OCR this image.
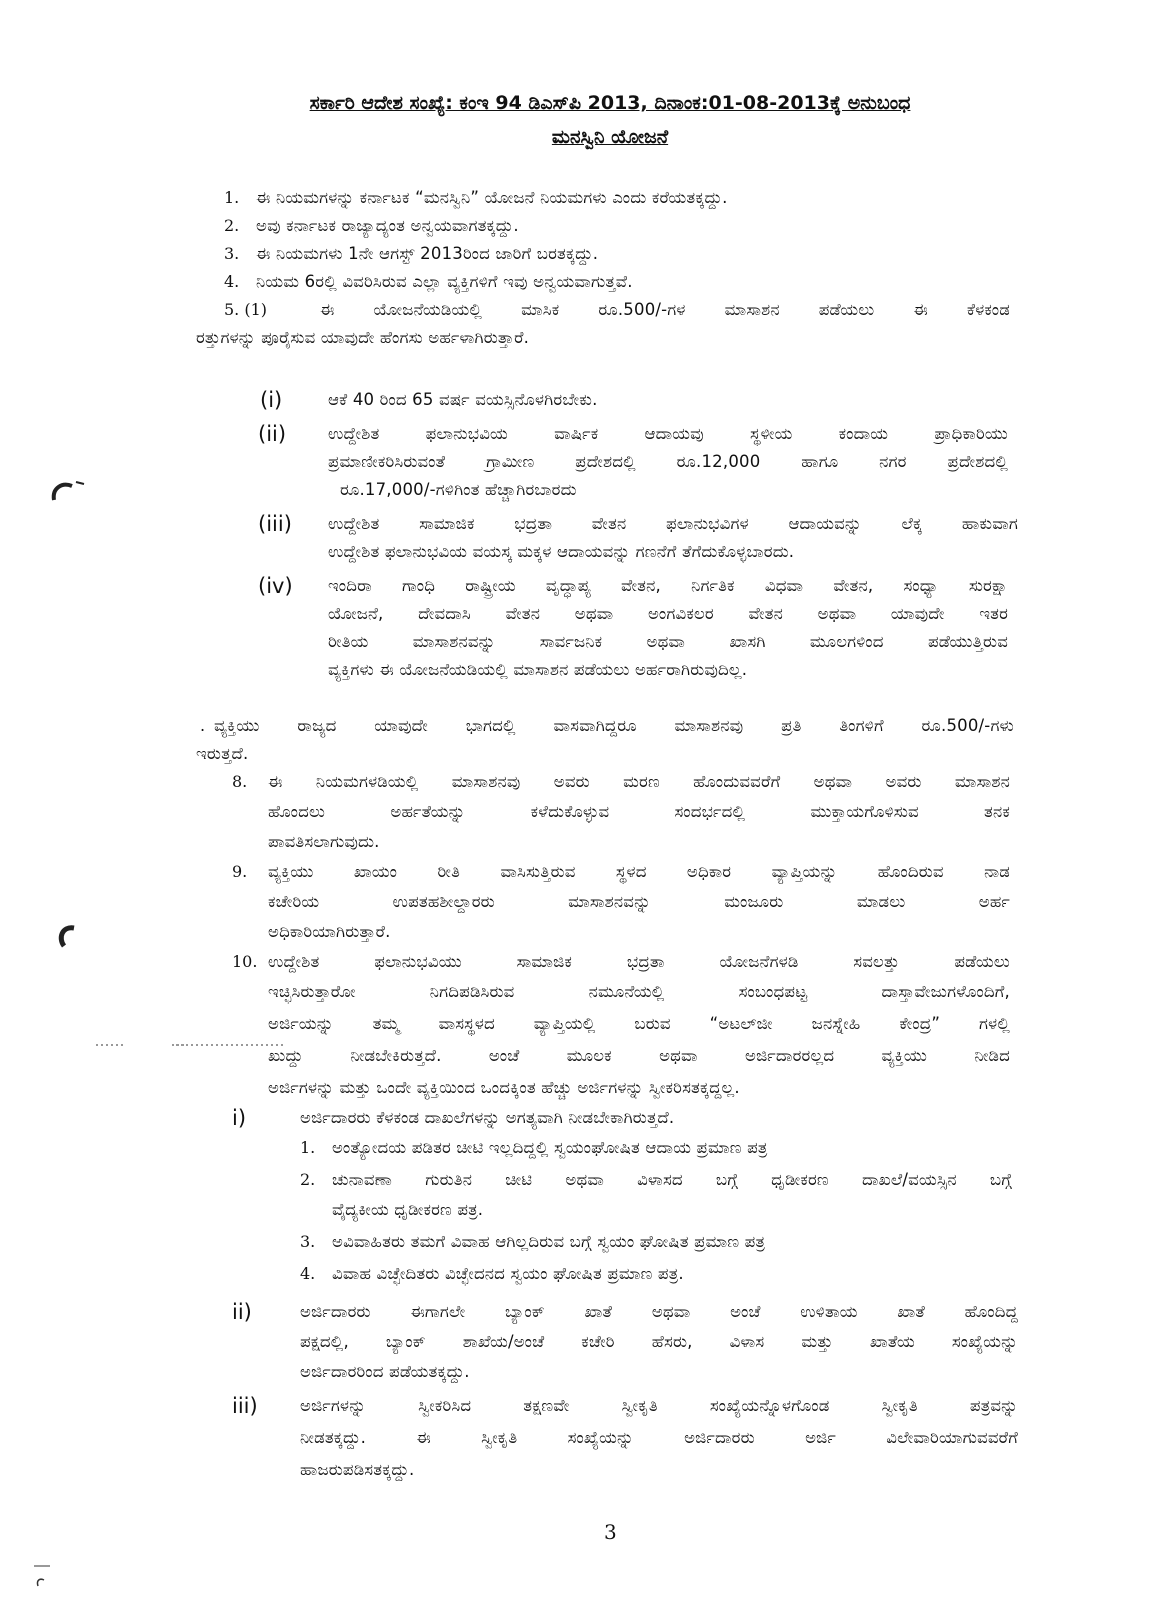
ಸರ್ಕಾರಿ ಆದೇಶ ಸಂಖ್ಯೆ: ಕಂಇ 94 ಡಿಎಸ್‌ಪಿ 2013, ದಿನಾಂಕ:01-08-2013ಕ್ಕೆ ಅನುಬಂಧ
ಮನಸ್ವಿನಿ ಯೋಜನೆ
1. ಈ ನಿಯಮಗಳನ್ನು ಕರ್ನಾಟಕ “ಮನಸ್ವಿನಿ” ಯೋಜನೆ ನಿಯಮಗಳು ಎಂದು ಕರೆಯತಕ್ಕದ್ದು.
2. ಅವು ಕರ್ನಾಟಕ ರಾಜ್ಯಾದ್ಯಂತ ಅನ್ವಯವಾಗತಕ್ಕದ್ದು.
3. ಈ ನಿಯಮಗಳು 1ನೇ ಆಗಸ್ಟ್ 2013ರಿಂದ ಜಾರಿಗೆ ಬರತಕ್ಕದ್ದು.
4. ನಿಯಮ 6ರಲ್ಲಿ ವಿವರಿಸಿರುವ ಎಲ್ಲಾ ವ್ಯಕ್ತಿಗಳಿಗೆ ಇವು ಅನ್ವಯವಾಗುತ್ತವೆ.
5. (1)	ಈ ಯೋಜನೆಯಡಿಯಲ್ಲಿ ಮಾಸಿಕ ರೂ.500/-ಗಳ ಮಾಸಾಶನ ಪಡೆಯಲು ಈ ಕೆಳಕಂಡ
ರತ್ತುಗಳನ್ನು ಪೂರೈಸುವ ಯಾವುದೇ ಹೆಂಗಸು ಅರ್ಹಳಾಗಿರುತ್ತಾರೆ.
(i)	ಆಕೆ 40 ರಿಂದ 65 ವರ್ಷ ವಯಸ್ಸಿನೊಳಗಿರಬೇಕು.
(ii)	ಉದ್ದೇಶಿತ ಫಲಾನುಭವಿಯ ವಾರ್ಷಿಕ ಆದಾಯವು ಸ್ಥಳೀಯ ಕಂದಾಯ ಪ್ರಾಧಿಕಾರಿಯು
ಪ್ರಮಾಣೀಕರಿಸಿರುವಂತೆ ಗ್ರಾಮೀಣ ಪ್ರದೇಶದಲ್ಲಿ ರೂ.12,000 ಹಾಗೂ ನಗರ ಪ್ರದೇಶದಲ್ಲಿ
ರೂ.17,000/-ಗಳಿಗಿಂತ ಹೆಚ್ಚಾಗಿರಬಾರದು
(iii) ಉದ್ದೇಶಿತ ಸಾಮಾಜಿಕ ಭದ್ರತಾ ವೇತನ ಫಲಾನುಭವಿಗಳ ಆದಾಯವನ್ನು ಲೆಕ್ಕ ಹಾಕುವಾಗ
ಉದ್ದೇಶಿತ ಫಲಾನುಭವಿಯ ವಯಸ್ಕ ಮಕ್ಕಳ ಆದಾಯವನ್ನು ಗಣನೆಗೆ ತೆಗೆದುಕೊಳ್ಳಬಾರದು.
(iv) ಇಂದಿರಾ ಗಾಂಧಿ ರಾಷ್ಟ್ರೀಯ ವೃದ್ಧಾಪ್ಯ ವೇತನ, ನಿರ್ಗತಿಕ ವಿಧವಾ ವೇತನ, ಸಂಧ್ಯಾ ಸುರಕ್ಷಾ
ಯೋಜನೆ, ದೇವದಾಸಿ ವೇತನ ಅಥವಾ ಅಂಗವಿಕಲರ ವೇತನ ಅಥವಾ ಯಾವುದೇ ಇತರ
ರೀತಿಯ ಮಾಸಾಶನವನ್ನು ಸಾರ್ವಜನಿಕ ಅಥವಾ ಖಾಸಗಿ ಮೂಲಗಳಿಂದ ಪಡೆಯುತ್ತಿರುವ
ವ್ಯಕ್ತಿಗಳು ಈ ಯೋಜನೆಯಡಿಯಲ್ಲಿ ಮಾಸಾಶನ ಪಡೆಯಲು ಅರ್ಹರಾಗಿರುವುದಿಲ್ಲ.
. ವ್ಯಕ್ತಿಯು ರಾಜ್ಯದ ಯಾವುದೇ ಭಾಗದಲ್ಲಿ ವಾಸವಾಗಿದ್ದರೂ ಮಾಸಾಶನವು ಪ್ರತಿ ತಿಂಗಳಿಗೆ ರೂ.500/-ಗಳು
ಇರುತ್ತದೆ.
8. ಈ ನಿಯಮಗಳಡಿಯಲ್ಲಿ ಮಾಸಾಶನವು ಅವರು ಮರಣ ಹೊಂದುವವರೆಗೆ ಅಥವಾ ಅವರು ಮಾಸಾಶನ
ಹೊಂದಲು ಅರ್ಹತೆಯನ್ನು ಕಳೆದುಕೊಳ್ಳುವ ಸಂದರ್ಭದಲ್ಲಿ ಮುಕ್ತಾಯಗೊಳಿಸುವ ತನಕ
ಪಾವತಿಸಲಾಗುವುದು.
9. ವ್ಯಕ್ತಿಯು ಖಾಯಂ ರೀತಿ ವಾಸಿಸುತ್ತಿರುವ ಸ್ಥಳದ ಅಧಿಕಾರ ವ್ಯಾಪ್ತಿಯನ್ನು ಹೊಂದಿರುವ ನಾಡ
ಕಚೇರಿಯ ಉಪತಹಶೀಲ್ದಾರರು ಮಾಸಾಶನವನ್ನು ಮಂಜೂರು ಮಾಡಲು ಅರ್ಹ
ಅಧಿಕಾರಿಯಾಗಿರುತ್ತಾರೆ.
10. ಉದ್ದೇಶಿತ ಫಲಾನುಭವಿಯು ಸಾಮಾಜಿಕ ಭದ್ರತಾ ಯೋಜನೆಗಳಡಿ ಸವಲತ್ತು ಪಡೆಯಲು
ಇಚ್ಛಿಸಿರುತ್ತಾರೋ ನಿಗದಿಪಡಿಸಿರುವ ನಮೂನೆಯಲ್ಲಿ ಸಂಬಂಧಪಟ್ಟ ದಾಸ್ತಾವೇಜುಗಳೊಂದಿಗೆ,
ಅರ್ಜಿಯನ್ನು ತಮ್ಮ ವಾಸಸ್ಥಳದ ವ್ಯಾಪ್ತಿಯಲ್ಲಿ ಬರುವ “ಅಟಲ್‌ಜೀ ಜನಸ್ನೇಹಿ ಕೇಂದ್ರ” ಗಳಲ್ಲಿ
ಖುದ್ದು ನೀಡಬೇಕಿರುತ್ತದೆ. ಅಂಚೆ ಮೂಲಕ ಅಥವಾ ಅರ್ಜಿದಾರರಲ್ಲದ ವ್ಯಕ್ತಿಯು ನೀಡಿದ
ಅರ್ಜಿಗಳನ್ನು ಮತ್ತು ಒಂದೇ ವ್ಯಕ್ತಿಯಿಂದ ಒಂದಕ್ಕಿಂತ ಹೆಚ್ಚು ಅರ್ಜಿಗಳನ್ನು ಸ್ವೀಕರಿಸತಕ್ಕದ್ದಲ್ಲ.
i)	ಅರ್ಜಿದಾರರು ಕೆಳಕಂಡ ದಾಖಲೆಗಳನ್ನು ಅಗತ್ಯವಾಗಿ ನೀಡಬೇಕಾಗಿರುತ್ತದೆ.
1. ಅಂತ್ಯೋದಯ ಪಡಿತರ ಚೀಟಿ ಇಲ್ಲದಿದ್ದಲ್ಲಿ ಸ್ವಯಂಘೋಷಿತ ಆದಾಯ ಪ್ರಮಾಣ ಪತ್ರ
2. ಚುನಾವಣಾ ಗುರುತಿನ ಚೀಟಿ ಅಥವಾ ವಿಳಾಸದ ಬಗ್ಗೆ ಧೃಡೀಕರಣ ದಾಖಲೆ/ವಯಸ್ಸಿನ ಬಗ್ಗೆ
ವೈದ್ಯಕೀಯ ಧೃಡೀಕರಣ ಪತ್ರ.
3. ಅವಿವಾಹಿತರು ತಮಗೆ ವಿವಾಹ ಆಗಿಲ್ಲದಿರುವ ಬಗ್ಗೆ ಸ್ವಯಂ ಘೋಷಿತ ಪ್ರಮಾಣ ಪತ್ರ
4. ವಿವಾಹ ವಿಚ್ಛೇದಿತರು ವಿಚ್ಛೇದನದ ಸ್ವಯಂ ಘೋಷಿತ ಪ್ರಮಾಣ ಪತ್ರ.
ii)	ಅರ್ಜಿದಾರರು ಈಗಾಗಲೇ ಬ್ಯಾಂಕ್ ಖಾತೆ ಅಥವಾ ಅಂಚೆ ಉಳಿತಾಯ ಖಾತೆ ಹೊಂದಿದ್ದ
ಪಕ್ಷದಲ್ಲಿ, ಬ್ಯಾಂಕ್ ಶಾಖೆಯ/ಅಂಚೆ ಕಚೇರಿ ಹೆಸರು, ವಿಳಾಸ ಮತ್ತು ಖಾತೆಯ ಸಂಖ್ಯೆಯನ್ನು
ಅರ್ಜಿದಾರರಿಂದ ಪಡೆಯತಕ್ಕದ್ದು.
iii)	ಅರ್ಜಿಗಳನ್ನು ಸ್ವೀಕರಿಸಿದ ತಕ್ಷಣವೇ ಸ್ವೀಕೃತಿ ಸಂಖ್ಯೆಯನ್ನೊಳಗೊಂಡ ಸ್ವೀಕೃತಿ ಪತ್ರವನ್ನು
ನೀಡತಕ್ಕದ್ದು. ಈ ಸ್ವೀಕೃತಿ ಸಂಖ್ಯೆಯನ್ನು ಅರ್ಜಿದಾರರು ಅರ್ಜಿ ವಿಲೇವಾರಿಯಾಗುವವರೆಗೆ
ಹಾಜರುಪಡಿಸತಕ್ಕದ್ದು.
3
